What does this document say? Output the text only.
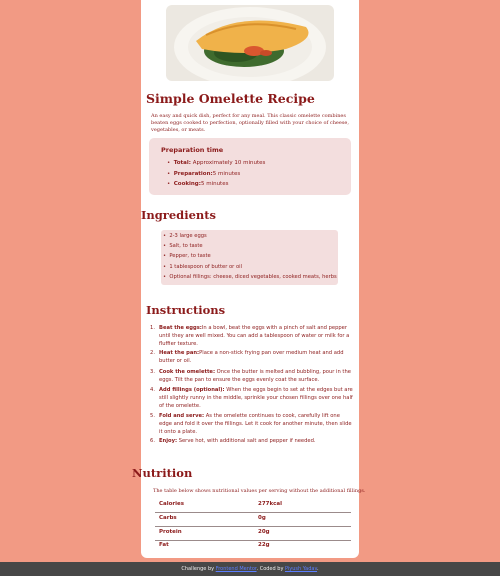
Simple Omelette Recipe
An easy and quick dish, perfect for any meal. This classic omelette combines beaten eggs cooked to perfection, optionally filled with your choice of cheese, vegetables, or meats.
Preparation time
•  Total: Approximately 10 minutes
•  Preparation:5 minutes
•  Cooking:5 minutes
Ingredients
•  2-3 large eggs
•  Salt, to taste
•  Pepper, to taste
•  1 tablespoon of butter or oil
•  Optional fillings: cheese, diced vegetables, cooked meats, herbs
Instructions
1. Beat the eggs:In a bowl, beat the eggs with a pinch of salt and pepper until they are well mixed. You can add a tablespoon of water or milk for a fluffier texture.
2. Heat the pan:Place a non-stick frying pan over medium heat and add butter or oil.
3. Cook the omelette: Once the butter is melted and bubbling, pour in the eggs. Tilt the pan to ensure the eggs evenly coat the surface.
4. Add fillings (optional): When the eggs begin to set at the edges but are still slightly runny in the middle, sprinkle your chosen fillings over one half of the omelette.
5. Fold and serve: As the omelette continues to cook, carefully lift one edge and fold it over the fillings. Let it cook for another minute, then slide it onto a plate.
6. Enjoy: Serve hot, with additional salt and pepper if needed.
Nutrition
The table below shows nutritional values per serving without the additional fillings.
Calories	277kcal
Carbs	0g
Protein	20g
Fat	22g
Challenge by Frontend Mentor. Coded by Piyush Yadav.
